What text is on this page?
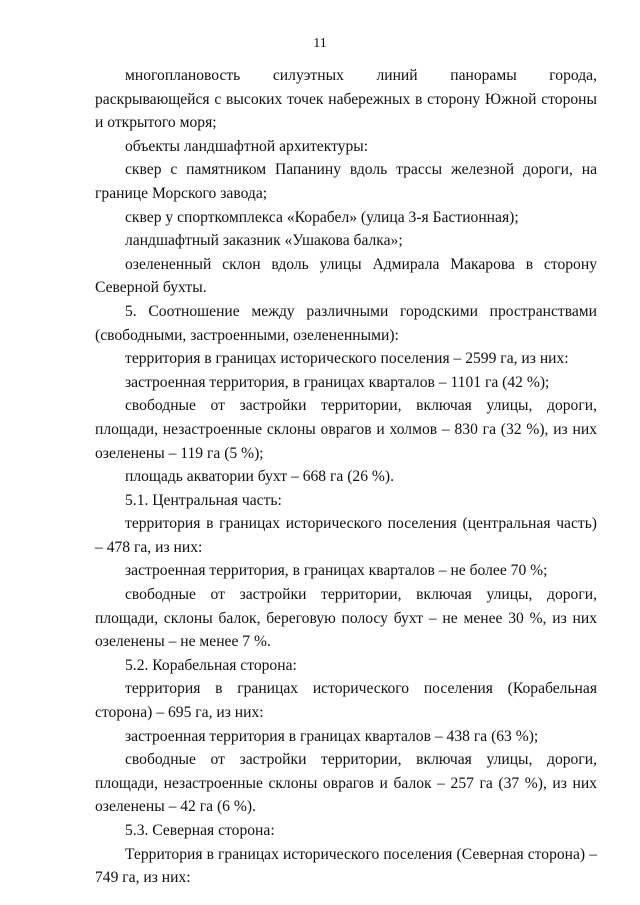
11

многоплановость силуэтных линий панорамы города, раскрывающейся с высоких точек набережных в сторону Южной стороны и открытого моря;

объекты ландшафтной архитектуры:

сквер с памятником Папанину вдоль трассы железной дороги, на границе Морского завода;

сквер у спорткомплекса «Корабел» (улица 3-я Бастионная);

ландшафтный заказник «Ушакова балка»;

озелененный склон вдоль улицы Адмирала Макарова в сторону Северной бухты.

5. Соотношение между различными городскими пространствами (свободными, застроенными, озелененными):

территория в границах исторического поселения – 2599 га, из них:

застроенная территория, в границах кварталов – 1101 га (42 %);

свободные от застройки территории, включая улицы, дороги, площади, незастроенные склоны оврагов и холмов – 830 га (32 %), из них озеленены – 119 га (5 %);

площадь акватории бухт – 668 га (26 %).

5.1. Центральная часть:

территория в границах исторического поселения (центральная часть) – 478 га, из них:

застроенная территория, в границах кварталов – не более 70 %;

свободные от застройки территории, включая улицы, дороги, площади, склоны балок, береговую полосу бухт – не менее 30 %, из них озеленены – не менее 7 %.

5.2. Корабельная сторона:

территория в границах исторического поселения (Корабельная сторона) – 695 га, из них:

застроенная территория в границах кварталов – 438 га (63 %);

свободные от застройки территории, включая улицы, дороги, площади, незастроенные склоны оврагов и балок – 257 га (37 %), из них озеленены – 42 га (6 %).

5.3. Северная сторона:

Территория в границах исторического поселения (Северная сторона) – 749 га, из них:
